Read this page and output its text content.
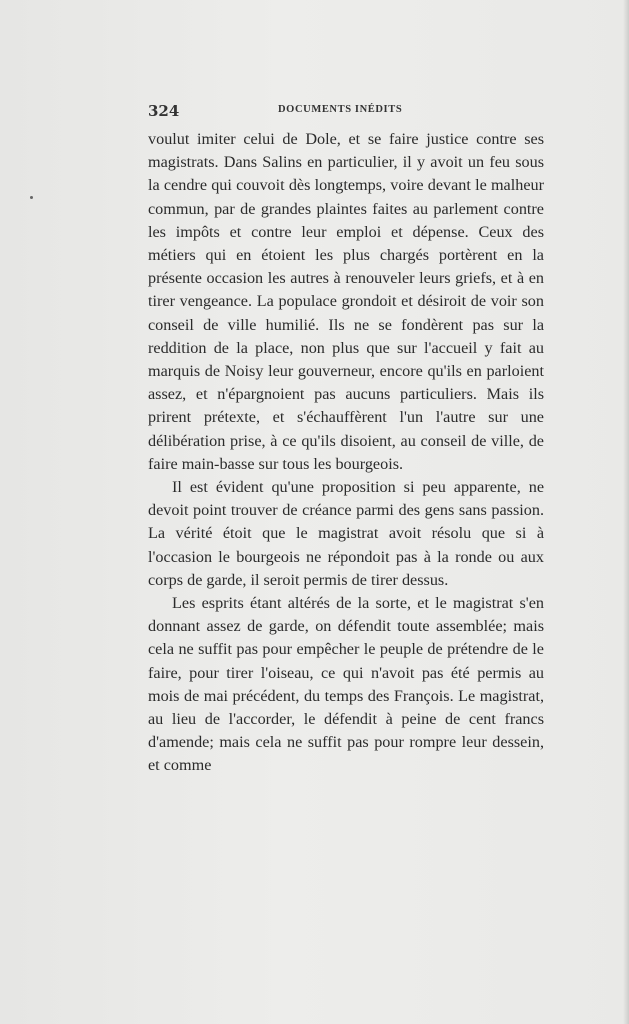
324	DOCUMENTS INÉDITS

voulut imiter celui de Dole, et se faire justice contre ses magistrats. Dans Salins en particulier, il y avoit un feu sous la cendre qui couvoit dès longtemps, voire devant le malheur commun, par de grandes plaintes faites au parlement contre les impôts et contre leur emploi et dépense. Ceux des métiers qui en étoient les plus chargés portèrent en la présente occasion les autres à renouveler leurs griefs, et à en tirer vengeance. La populace grondoit et désiroit de voir son conseil de ville humilié. Ils ne se fondèrent pas sur la reddition de la place, non plus que sur l'accueil y fait au marquis de Noisy leur gouverneur, encore qu'ils en parloient assez, et n'épargnoient pas aucuns particuliers. Mais ils prirent prétexte, et s'échauffèrent l'un l'autre sur une délibération prise, à ce qu'ils disoient, au conseil de ville, de faire main-basse sur tous les bourgeois.

Il est évident qu'une proposition si peu apparente, ne devoit point trouver de créance parmi des gens sans passion. La vérité étoit que le magistrat avoit résolu que si à l'occasion le bourgeois ne répondoit pas à la ronde ou aux corps de garde, il seroit permis de tirer dessus.

Les esprits étant altérés de la sorte, et le magistrat s'en donnant assez de garde, on défendit toute assemblée; mais cela ne suffit pas pour empêcher le peuple de prétendre de le faire, pour tirer l'oiseau, ce qui n'avoit pas été permis au mois de mai précédent, du temps des François. Le magistrat, au lieu de l'accorder, le défendit à peine de cent francs d'amende; mais cela ne suffit pas pour rompre leur dessein, et comme
